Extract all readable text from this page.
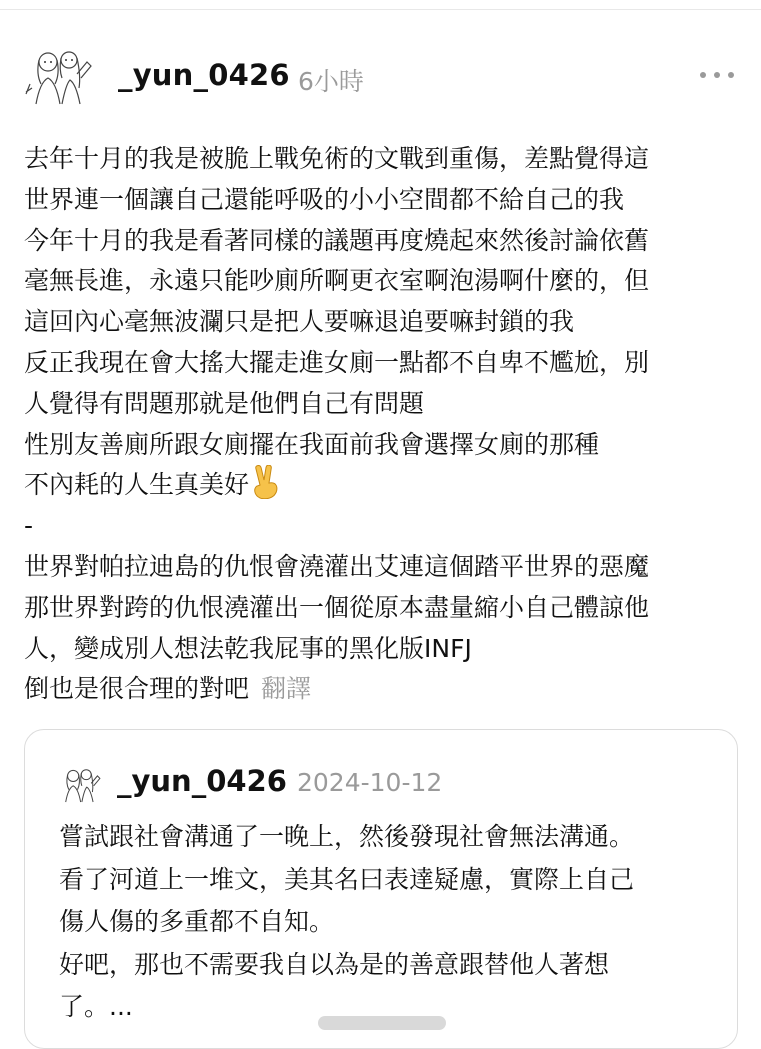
_yun_0426 6小時
去年十月的我是被脆上戰免術的文戰到重傷，差點覺得這
世界連一個讓自己還能呼吸的小小空間都不給自己的我
今年十月的我是看著同樣的議題再度燒起來然後討論依舊
毫無長進，永遠只能吵廁所啊更衣室啊泡湯啊什麼的，但
這回內心毫無波瀾只是把人要嘛退追要嘛封鎖的我
反正我現在會大搖大擺走進女廁一點都不自卑不尷尬，別
人覺得有問題那就是他們自己有問題
性別友善廁所跟女廁擺在我面前我會選擇女廁的那種
不內耗的人生真美好
-
世界對帕拉迪島的仇恨會澆灌出艾連這個踏平世界的惡魔
那世界對跨的仇恨澆灌出一個從原本盡量縮小自己體諒他
人，變成別人想法乾我屁事的黑化版INFJ
倒也是很合理的對吧 翻譯
_yun_0426 2024-10-12
嘗試跟社會溝通了一晚上，然後發現社會無法溝通。
看了河道上一堆文，美其名曰表達疑慮，實際上自己
傷人傷的多重都不自知。
好吧，那也不需要我自以為是的善意跟替他人著想
了。...
